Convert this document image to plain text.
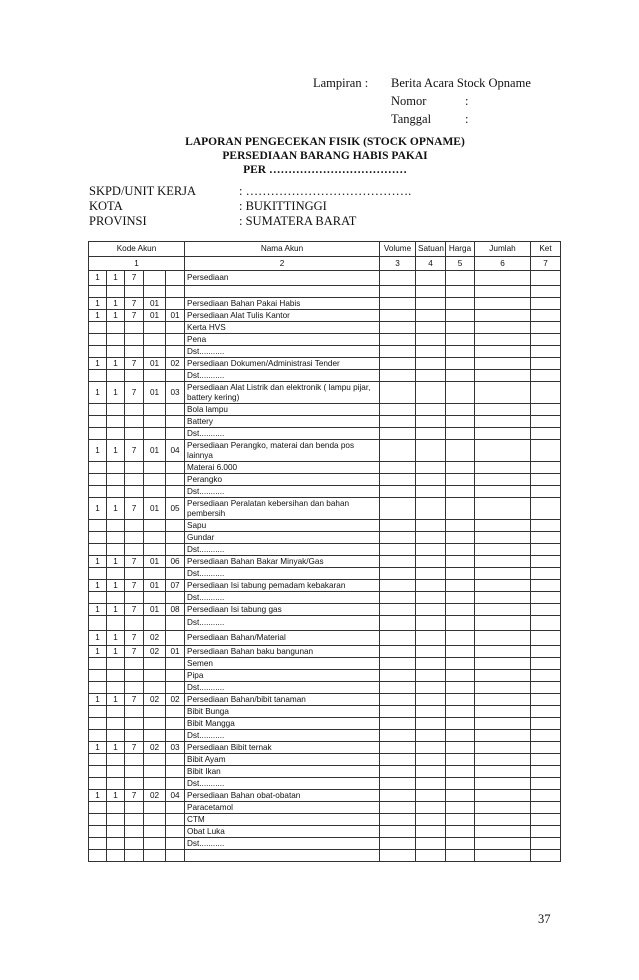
Lampiran :	Berita Acara Stock Opname
Nomor	:
Tanggal	:
LAPORAN PENGECEKAN FISIK (STOCK OPNAME)
PERSEDIAAN BARANG HABIS PAKAI
PER ………………………………
SKPD/UNIT KERJA	: ………………………………….
KOTA	: BUKITTINGGI
PROVINSI	: SUMATERA BARAT
Kode Akun					Nama Akun	Volume	Satuan	Harga	Jumlah	Ket
1					2	3	4	5	6	7
1	1	7			Persediaan					

1	1	7	01		Persediaan Bahan Pakai Habis					
1	1	7	01	01	Persediaan Alat Tulis Kantor					
					Kerta HVS					
					Pena					
					Dst...........					
1	1	7	01	02	Persediaan Dokumen/Administrasi Tender					
					Dst...........					
1	1	7	01	03	Persediaan Alat Listrik dan elektronik ( lampu pijar, battery kering)					
					Bola lampu					
					Battery					
					Dst...........					
1	1	7	01	04	Persediaan Perangko, materai dan benda pos lainnya					
					Materai 6.000					
					Perangko					
					Dst...........					
1	1	7	01	05	Persediaan Peralatan kebersihan dan bahan pembersih					
					Sapu					
					Gundar					
					Dst...........					
1	1	7	01	06	Persediaan Bahan Bakar Minyak/Gas					
					Dst...........					
1	1	7	01	07	Persediaan Isi tabung pemadam kebakaran					
					Dst...........					
1	1	7	01	08	Persediaan Isi tabung gas					
					Dst...........					
1	1	7	02		Persediaan Bahan/Material					
1	1	7	02	01	Persediaan Bahan baku bangunan					
					Semen					
					Pipa					
					Dst...........					
1	1	7	02	02	Persediaan Bahan/bibit tanaman					
					Bibit Bunga					
					Bibit Mangga					
					Dst...........					
1	1	7	02	03	Persediaan Bibit ternak					
					Bibit Ayam					
					Bibit Ikan					
					Dst...........					
1	1	7	02	04	Persediaan Bahan obat-obatan					
					Paracetamol					
					CTM					
					Obat Luka					
					Dst...........					

37
